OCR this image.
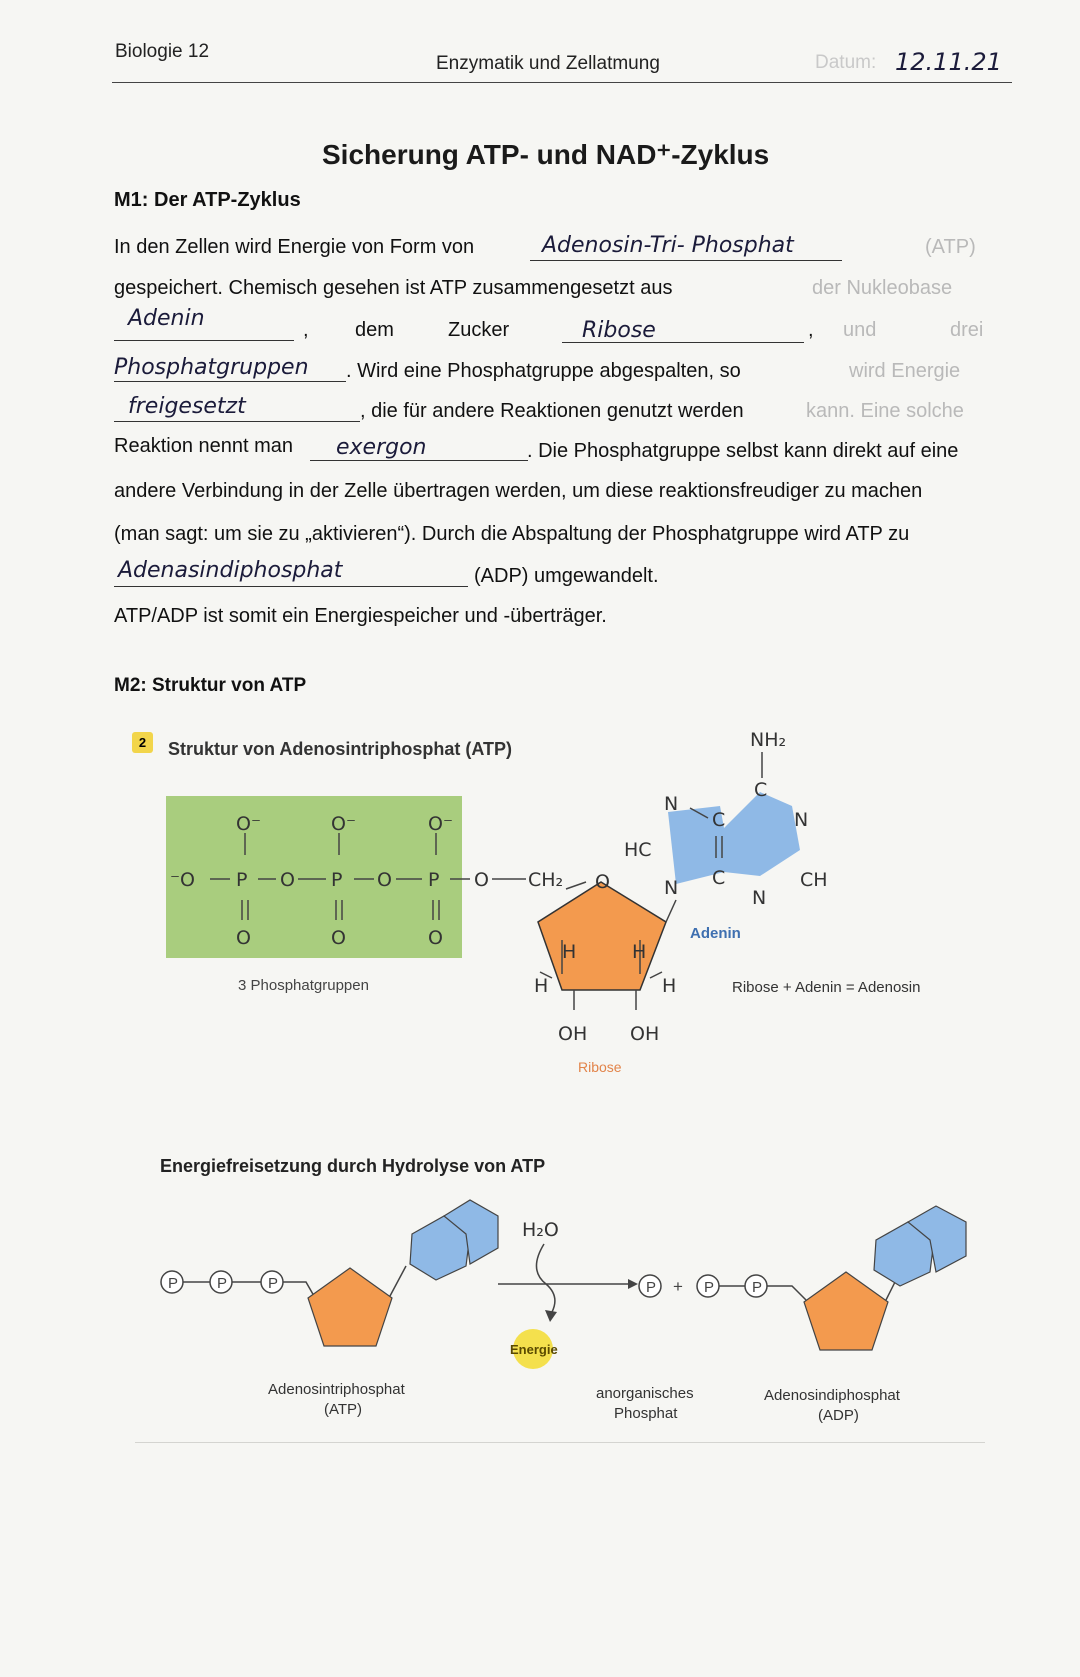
Biologie 12
Enzymatik und Zellatmung	Datum: 12.11.21
Sicherung ATP- und NAD⁺-Zyklus
M1: Der ATP-Zyklus
In den Zellen wird Energie von Form von	Adenosin-Tri- Phosphat	(ATP)
gespeichert. Chemisch gesehen ist ATP zusammengesetzt aus	der Nukleobase
Adenin	, dem	Zucker	Ribose	, und	drei
Phosphatgruppen . Wird eine Phosphatgruppe abgespalten, so	wird Energie
freigesetzt	, die für andere Reaktionen genutzt werden	kann. Eine solche
Reaktion nennt man exergon	. Die Phosphatgruppe selbst kann direkt auf eine
andere Verbindung in der Zelle übertragen werden, um diese reaktionsfreudiger zu machen
(man sagt: um sie zu „aktivieren“). Durch die Abspaltung der Phosphatgruppe wird ATP zu
Adenasindiphosphat	(ADP) umgewandelt.
ATP/ADP ist somit ein Energiespeicher und -überträger.
M2: Struktur von ATP
2	Struktur von Adenosintriphosphat (ATP)
O⁻	O⁻	O⁻
⁻O P O P O P O
O	O	O
CH₂
3 Phosphatgruppen
O
H	H
H	H
OH OH
Ribose
NH₂
C
N
C	N
HC
N C
N
CH
Adenin
Ribose + Adenin = Adenosin
Energiefreisetzung durch Hydrolyse von ATP
P	P	P
H₂O
Energie
P + P	P
Adenosintriphosphat
(ATP)
anorganisches
Phosphat
Adenosindiphosphat
(ADP)
